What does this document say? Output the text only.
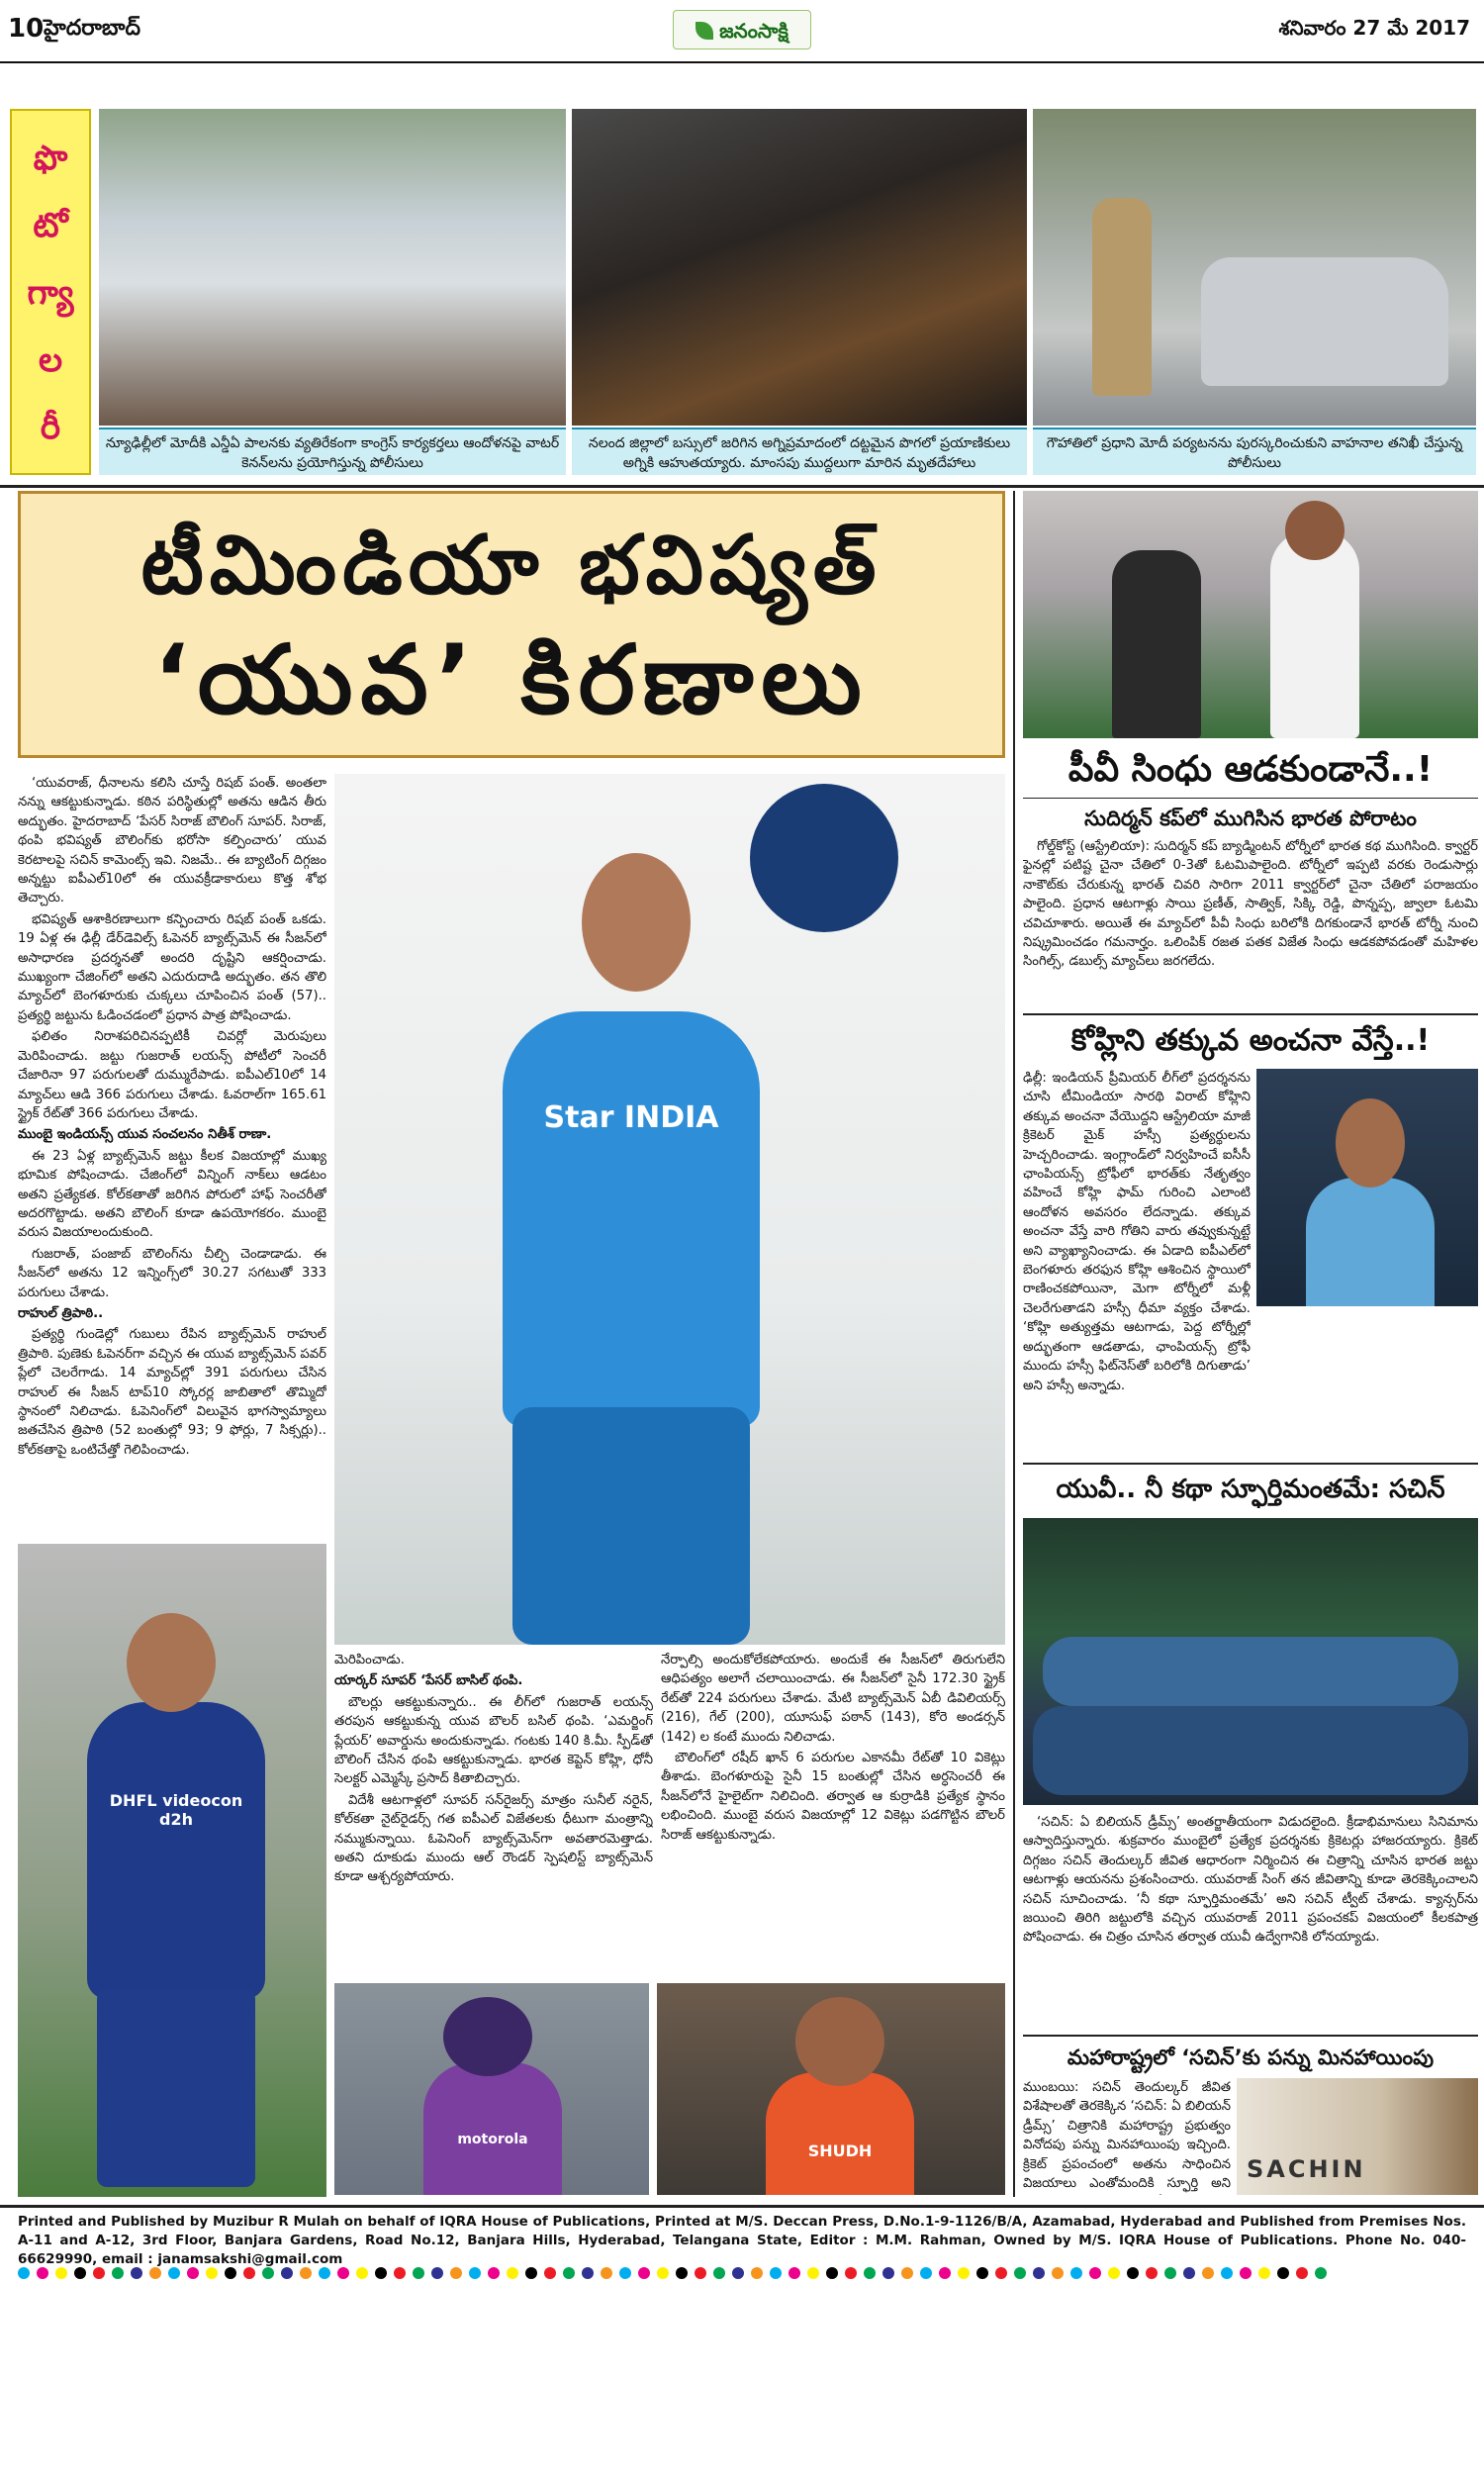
10 హైదరాబాద్	జనంసాక్షి	శనివారం 27 మే 2017
ఫొ
టో
గ్యా
ల
రీ	న్యూఢిల్లీలో మోదీకి ఎన్డీఏ పాలనకు వ్యతిరేకంగా కాంగ్రెస్ కార్యకర్తలు ఆందోళనపై వాటర్ కెనన్‌లను ప్రయోగిస్తున్న పోలీసులు
నలంద జిల్లాలో బస్సులో జరిగిన అగ్నిప్రమాదంలో దట్టమైన పొగలో ప్రయాణికులు అగ్నికి ఆహుతయ్యారు. మాంసపు ముద్దలుగా మారిన మృతదేహాలు
గౌహాతిలో ప్రధాని మోదీ పర్యటనను పురస్కరించుకుని వాహనాల తనిఖీ చేస్తున్న పోలీసులు
టీమిండియా భవిష్యత్
‘యువ’ కిరణాలు

‘యువరాజ్, ధీనాలను కలిసి చూస్తే రిషబ్ పంత్. అంతలా నన్ను ఆకట్టుకున్నాడు. కఠిన పరిస్థితుల్లో అతను ఆడిన తీరు అద్భుతం. హైదరాబాద్ ‘పేసర్ సిరాజ్ బౌలింగ్ సూపర్. సిరాజ్, థంపి భవిష్యత్ బౌలింగ్‌కు భరోసా కల్పించారు’ యువ కెరటాలపై సచిన్ కామెంట్స్ ఇవి. నిజమే.. ఈ బ్యాటింగ్ దిగ్గజం అన్నట్టు ఐపీఎల్10లో ఈ యువక్రీడాకారులు కొత్త శోభ తెచ్చారు.

భవిష్యత్ ఆశాకిరణాలుగా కన్పించారు రిషబ్ పంత్ ఒకడు. 19 ఏళ్ల ఈ ఢిల్లీ డేర్‌డెవిల్స్ ఓపెనర్ బ్యాట్స్‌మెన్ ఈ సీజన్‌లో అసాధారణ ప్రదర్శనతో అందరి దృష్టిని ఆకర్షించాడు. ముఖ్యంగా చేజింగ్‌లో అతని ఎదురుదాడి అద్భుతం. తన తొలి మ్యాచ్‌లో బెంగళూరుకు చుక్కలు చూపించిన పంత్ (57).. ప్రత్యర్థి జట్టును ఓడించడంలో ప్రధాన పాత్ర పోషించాడు.

ఫలితం నిరాశపరిచినప్పటికీ చివర్లో మెరుపులు మెరిపించాడు. జట్టు గుజరాత్ లయన్స్ పోటీలో సెంచరీ చేజారినా 97 పరుగులతో దుమ్మురేపాడు. ఐపీఎల్10లో 14 మ్యాచ్‌లు ఆడి 366 పరుగులు చేశాడు. ఓవరాల్‌గా 165.61 స్ట్రైక్ రేట్‌తో 366 పరుగులు చేశాడు.

ముంబై ఇండియన్స్ యువ సంచలనం నితీశ్ రాణా.

ఈ 23 ఏళ్ల బ్యాట్స్‌మెన్ జట్టు కీలక విజయాల్లో ముఖ్య భూమిక పోషించాడు. చేజింగ్‌లో విన్నింగ్ నాక్‌లు ఆడటం అతని ప్రత్యేకత. కోల్‌కతాతో జరిగిన పోరులో హాఫ్ సెంచరీతో అదరగొట్టాడు. అతని బౌలింగ్ కూడా ఉపయోగకరం. ముంబై వరుస విజయాలందుకుంది.

గుజరాత్, పంజాబ్ బౌలింగ్‌ను చీల్చి చెండాడాడు. ఈ సీజన్‌లో అతను 12 ఇన్నింగ్స్‌లో 30.27 సగటుతో 333 పరుగులు చేశాడు.

రాహుల్ త్రిపాఠి..

ప్రత్యర్థి గుండెల్లో గుబులు రేపిన బ్యాట్స్‌మెన్ రాహుల్ త్రిపాఠి. పుణెకు ఓపెనర్‌గా వచ్చిన ఈ యువ బ్యాట్స్‌మెన్ పవర్ ప్లేలో చెలరేగాడు. 14 మ్యాచ్‌ల్లో 391 పరుగులు చేసిన రాహుల్ ఈ సీజన్ టాప్10 స్కోరర్ల జాబితాలో తొమ్మిదో స్థానంలో నిలిచాడు. ఓపెనింగ్‌లో విలువైన భాగస్వామ్యాలు జతచేసిన త్రిపాఠి (52 బంతుల్లో 93; 9 ఫోర్లు, 7 సిక్సర్లు).. కోల్‌కతాపై ఒంటిచేత్తో గెలిపించాడు.

Star INDIA
DHFL videocon d2h

మెరిపించాడు.

యార్కర్ సూపర్ ‘పేసర్ బాసిల్ థంపి.

బౌలర్లు ఆకట్టుకున్నారు.. ఈ లీగ్‌లో గుజరాత్ లయన్స్ తరపున ఆకట్టుకున్న యువ బౌలర్ బసిల్ థంపి. ‘ఎమర్జింగ్ ప్లేయర్’ అవార్డును అందుకున్నాడు. గంటకు 140 కి.మీ. స్పీడ్‌తో బౌలింగ్ చేసిన థంపి ఆకట్టుకున్నాడు. భారత కెప్టెన్ కోహ్లి, ధోనీ సెలక్టర్ ఎమ్మెస్కే ప్రసాద్ కితాబిచ్చారు.

విదేశీ ఆటగాళ్లలో సూపర్ సన్‌రైజర్స్ మాత్రం సునీల్ నరైన్, కోల్‌కతా నైట్‌రైడర్స్‌ గత ఐపీఎల్ విజేతలకు ధీటుగా మంత్రాన్ని నమ్ముకున్నాయి. ఓపెనింగ్ బ్యాట్స్‌మెన్‌గా అవతారమెత్తాడు. అతని దూకుడు ముందు ఆల్ రౌండర్ స్పెషలిస్ట్ బ్యాట్స్‌మెన్ కూడా ఆశ్చర్యపోయారు.

నేర్పాల్సి అందుకోలేకపోయారు. అందుకే ఈ సీజన్‌లో తిరుగులేని ఆధిపత్యం అలాగే చలాయించాడు. ఈ సీజన్‌లో సైనీ 172.30 స్ట్రైక్ రేట్‌తో 224 పరుగులు చేశాడు. మేటి బ్యాట్స్‌మెన్ ఏబీ డివిలియర్స్ (216), గేల్ (200), యూసుఫ్ పఠాన్ (143), కోరె అండర్సన్ (142) ల కంటే ముందు నిలిచాడు.

బౌలింగ్‌లో రషీద్ ఖాన్ 6 పరుగుల ఎకానమీ రేట్‌తో 10 వికెట్లు తీశాడు. బెంగళూరుపై సైనీ 15 బంతుల్లో చేసిన అర్ధసెంచరీ ఈ సీజన్‌లోనే హైలైట్‌గా నిలిచింది. తర్వాత ఆ కుర్రాడికి ప్రత్యేక స్థానం లభించింది. ముంబై వరుస విజయాల్లో 12 వికెట్లు పడగొట్టిన బౌలర్ సిరాజ్ ఆకట్టుకున్నాడు.

motorola
SHUDH
పీవీ సింధు ఆడకుండానే..!
సుదిర్మన్ కప్‌లో ముగిసిన భారత పోరాటం
గోల్డ్‌కోస్ట్ (ఆస్ట్రేలియా): సుదిర్మన్ కప్ బ్యాడ్మింటన్ టోర్నీలో భారత కథ ముగిసింది. క్వార్టర్ ఫైనల్లో పటిష్ట చైనా చేతిలో 0-3తో ఓటమిపాలైంది. టోర్నీలో ఇప్పటి వరకు రెండుసార్లు నాకౌట్‌కు చేరుకున్న భారత్ చివరి సారిగా 2011 క్వార్టర్‌లో చైనా చేతిలో పరాజయం పాలైంది. ప్రధాన ఆటగాళ్లు సాయి ప్రణీత్, సాత్విక్, సిక్కి రెడ్డి, పొన్నప్ప, జ్వాలా ఓటమి చవిచూశారు. అయితే ఈ మ్యాచ్‌లో పీవీ సింధు బరిలోకి దిగకుండానే భారత్ టోర్నీ నుంచి నిష్క్రమించడం గమనార్హం. ఒలింపిక్ రజత పతక విజేత సింధు ఆడకపోవడంతో మహిళల సింగిల్స్, డబుల్స్ మ్యాచ్‌లు జరగలేదు.
కోహ్లిని తక్కువ అంచనా వేస్తే..!
ఢిల్లీ: ఇండియన్ ప్రీమియర్ లీగ్‌లో ప్రదర్శనను చూసి టీమిండియా సారథి విరాట్ కోహ్లిని తక్కువ అంచనా వేయొద్దని ఆస్ట్రేలియా మాజీ క్రికెటర్ మైక్ హస్సీ ప్రత్యర్థులను హెచ్చరించాడు. ఇంగ్లాండ్‌లో నిర్వహించే ఐసీసీ ఛాంపియన్స్ ట్రోఫీలో భారత్‌కు నేతృత్వం వహించే కోహ్లి ఫామ్ గురించి ఎలాంటి ఆందోళన అవసరం లేదన్నాడు. తక్కువ అంచనా వేస్తే వారి గోతిని వారు తవ్వుకున్నట్టే అని వ్యాఖ్యానించాడు. ఈ ఏడాది ఐపీఎల్‌లో బెంగళూరు తరఫున కోహ్లి ఆశించిన స్థాయిలో రాణించకపోయినా, మెగా టోర్నీలో మళ్లీ చెలరేగుతాడని హస్సీ ధీమా వ్యక్తం చేశాడు. ‘కోహ్లి అత్యుత్తమ ఆటగాడు, పెద్ద టోర్నీల్లో అద్భుతంగా ఆడతాడు, ఛాంపియన్స్ ట్రోఫీ ముందు హస్సీ ఫిట్‌నెస్‌తో బరిలోకి దిగుతాడు’ అని హస్సీ అన్నాడు.
యువీ.. నీ కథా స్ఫూర్తిమంతమే: సచిన్
‘సచిన్: ఏ బిలియన్ డ్రీమ్స్’ అంతర్జాతీయంగా విడుదలైంది. క్రీడాభిమానులు సినిమాను ఆస్వాదిస్తున్నారు. శుక్రవారం ముంబైలో ప్రత్యేక ప్రదర్శనకు క్రికెటర్లు హాజరయ్యారు. క్రికెట్ దిగ్గజం సచిన్ తెందుల్కర్ జీవిత ఆధారంగా నిర్మించిన ఈ చిత్రాన్ని చూసిన భారత జట్టు ఆటగాళ్లు ఆయనను ప్రశంసించారు. యువరాజ్ సింగ్ తన జీవితాన్ని కూడా తెరకెక్కించాలని సచిన్ సూచించాడు. ‘నీ కథా స్ఫూర్తిమంతమే’ అని సచిన్ ట్వీట్ చేశాడు. క్యాన్సర్‌ను జయించి తిరిగి జట్టులోకి వచ్చిన యువరాజ్ 2011 ప్రపంచకప్ విజయంలో కీలకపాత్ర పోషించాడు. ఈ చిత్రం చూసిన తర్వాత యువీ ఉద్వేగానికి లోనయ్యాడు.
మహారాష్ట్రలో ‘సచిన్’కు పన్ను మినహాయింపు
ముంబయి: సచిన్ తెందుల్కర్ జీవిత విశేషాలతో తెరకెక్కిన ‘సచిన్: ఏ బిలియన్ డ్రీమ్స్’ చిత్రానికి మహారాష్ట్ర ప్రభుత్వం వినోదపు పన్ను మినహాయింపు ఇచ్చింది. క్రికెట్ ప్రపంచంలో అతను సాధించిన విజయాలు ఎంతోమందికి స్ఫూర్తి అని
SACHIN
Printed and Published by Muzibur R Mulah on behalf of IQRA House of Publications, Printed at M/S. Deccan Press, D.No.1-9-1126/B/A, Azamabad, Hyderabad and Published from Premises Nos. A-11 and A-12, 3rd Floor, Banjara Gardens, Road No.12, Banjara Hills, Hyderabad, Telangana State, Editor : M.M. Rahman, Owned by M/S. IQRA House of Publications. Phone No. 040-66629990, email : janamsakshi@gmail.com
